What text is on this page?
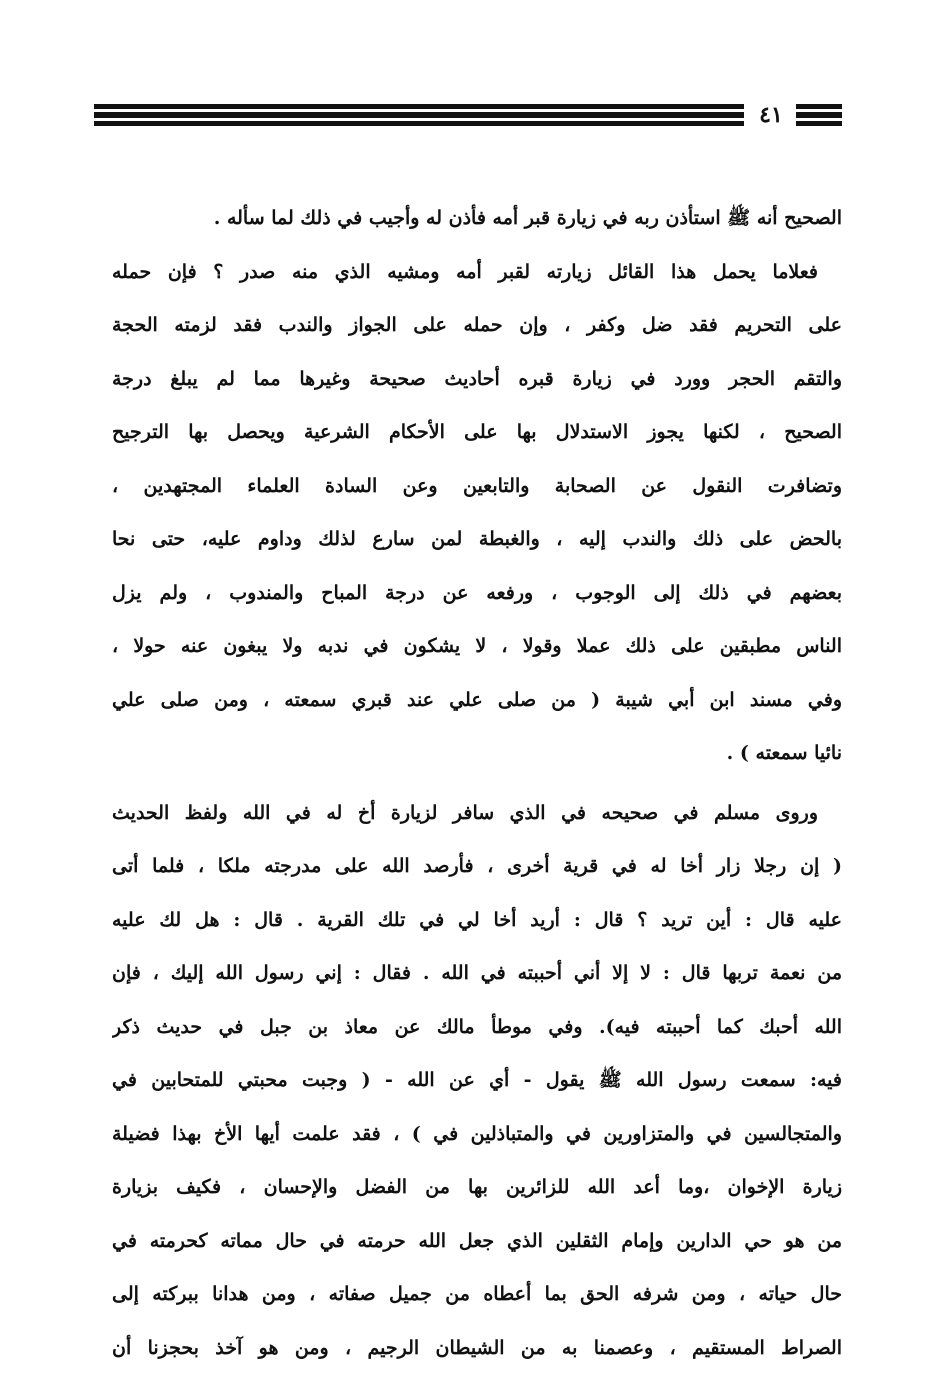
٤١
الصحيح أنه ﷺ استأذن ربه في زيارة قبر أمه فأذن له وأجيب في ذلك لما سأله .
فعلاما يحمل هذا القائل زيارته لقبر أمه ومشيه الذي منه صدر ؟ فإن حمله
على التحريم فقد ضل وكفر ، وإن حمله على الجواز والندب فقد لزمته الحجة
والتقم الحجر وورد في زيارة قبره أحاديث صحيحة وغيرها مما لم يبلغ درجة
الصحيح ، لكنها يجوز الاستدلال بها على الأحكام الشرعية ويحصل بها الترجيح
وتضافرت النقول عن الصحابة والتابعين وعن السادة العلماء المجتهدين ،
بالحض على ذلك والندب إليه ، والغبطة لمن سارع لذلك وداوم عليه، حتى نحا
بعضهم في ذلك إلى الوجوب ، ورفعه عن درجة المباح والمندوب ، ولم يزل
الناس مطبقين على ذلك عملا وقولا ، لا يشكون في ندبه ولا يبغون عنه حولا ،
وفي مسند ابن أبي شيبة ( من صلى علي عند قبري سمعته ، ومن صلى علي
نائيا سمعته ) .
وروى مسلم في صحيحه في الذي سافر لزيارة أخ له في الله ولفظ الحديث
( إن رجلا زار أخا له في قرية أخرى ، فأرصد الله على مدرجته ملكا ، فلما أتى
عليه قال : أين تريد ؟ قال : أريد أخا لي في تلك القرية . قال : هل لك عليه
من نعمة تربها قال : لا إلا أني أحببته في الله . فقال : إني رسول الله إليك ، فإن
الله أحبك كما أحببته فيه). وفي موطأ مالك عن معاذ بن جبل في حديث ذكر
فيه: سمعت رسول الله ﷺ يقول - أي عن الله - ( وجبت محبتي للمتحابين في
والمتجالسين في والمتزاورين في والمتباذلين في ) ، فقد علمت أيها الأخ بهذا فضيلة
زيارة الإخوان ،وما أعد الله للزائرين بها من الفضل والإحسان ، فكيف بزيارة
من هو حي الدارين وإمام الثقلين الذي جعل الله حرمته في حال مماته كحرمته في
حال حياته ، ومن شرفه الحق بما أعطاه من جميل صفاته ، ومن هدانا ببركته إلى
الصراط المستقيم ، وعصمنا به من الشيطان الرجيم ، ومن هو آخذ بحجزنا أن
